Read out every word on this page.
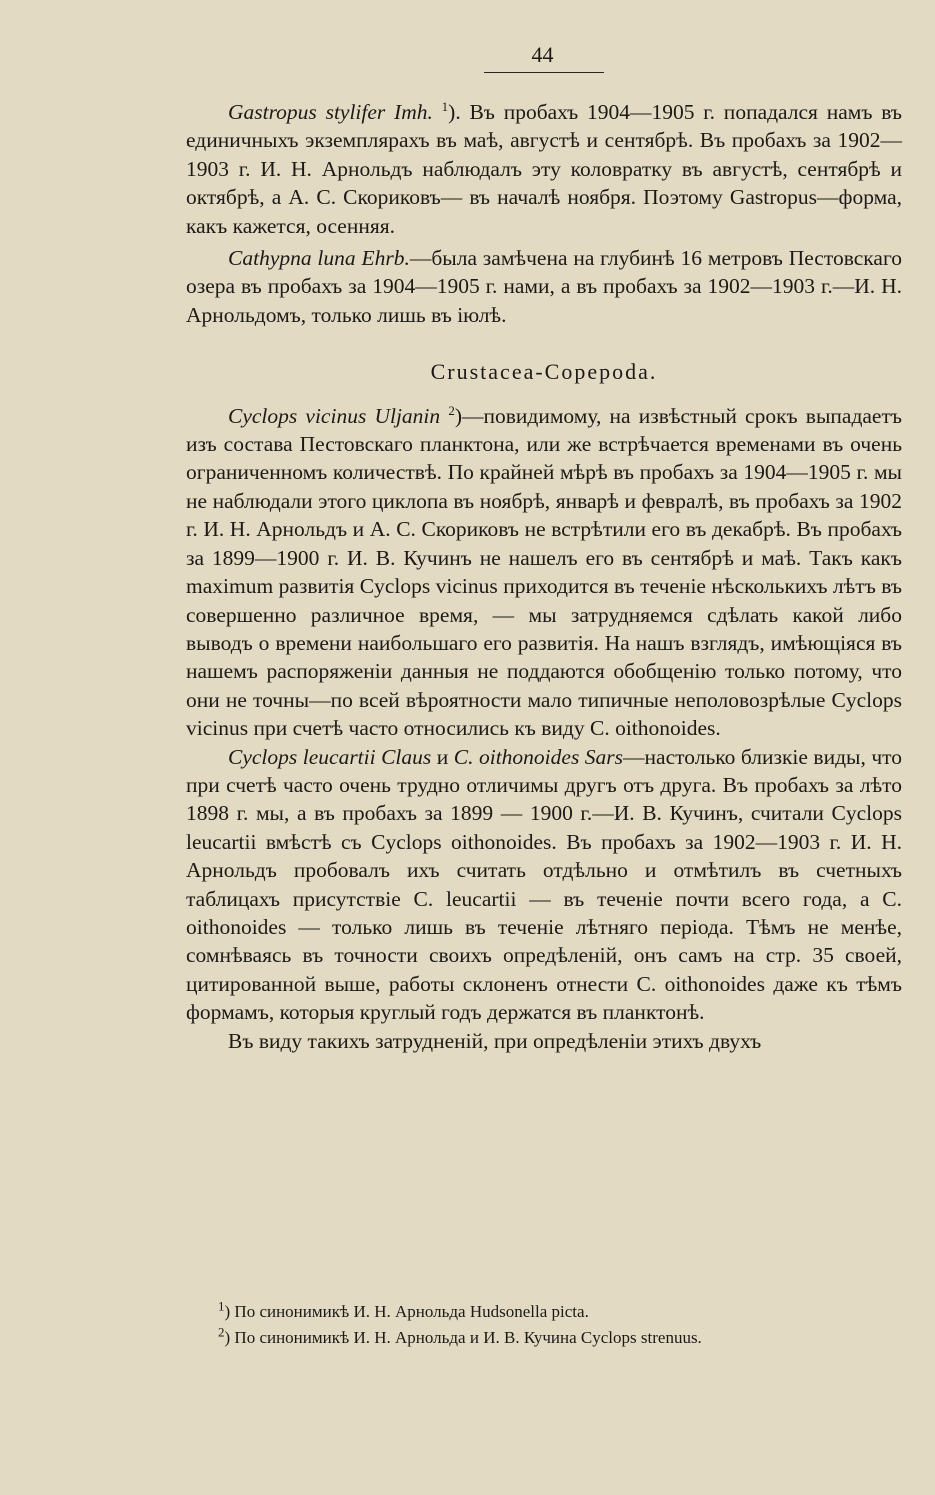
44

Gastropus stylifer Imh. $^1$). Въ пробахъ 1904—1905 г. попадался намъ въ единичныхъ экземплярахъ въ маѣ, августѣ и сентябрѣ. Въ пробахъ за 1902—1903 г. И. Н. Арнольдъ наблюдалъ эту коловратку въ августѣ, сентябрѣ и октябрѣ, а А. С. Скориковъ— въ началѣ ноября. Поэтому Gastropus—форма, какъ кажется, осенняя.

Cathypna luna Ehrb.—была замѣчена на глубинѣ 16 метровъ Пестовскаго озера въ пробахъ за 1904—1905 г. нами, а въ пробахъ за 1902—1903 г.—И. Н. Арнольдомъ, только лишь въ іюлѣ.

Crustacea-Copepoda.

Cyclops vicinus Uljanin $^2$)—повидимому, на извѣстный срокъ выпадаетъ изъ состава Пестовскаго планктона, или же встрѣчается временами въ очень ограниченномъ количествѣ. По крайней мѣрѣ въ пробахъ за 1904—1905 г. мы не наблюдали этого циклопа въ ноябрѣ, январѣ и февралѣ, въ пробахъ за 1902 г. И. Н. Арнольдъ и А. С. Скориковъ не встрѣтили его въ декабрѣ. Въ пробахъ за 1899—1900 г. И. В. Кучинъ не нашелъ его въ сентябрѣ и маѣ. Такъ какъ maximum развитія Cyclops vicinus приходится въ теченіе нѣсколькихъ лѣтъ въ совершенно различное время, — мы затрудняемся сдѣлать какой либо выводъ о времени наибольшаго его развитія. На нашъ взглядъ, имѣющіяся въ нашемъ распоряженіи данныя не поддаются обобщенію только потому, что они не точны—по всей вѣроятности мало типичные неполовозрѣлые Cyclops vicinus при счетѣ часто относились къ виду C. oithonoides.

Cyclops leucartii Claus и C. oithonoides Sars—настолько близкіе виды, что при счетѣ часто очень трудно отличимы другъ отъ друга. Въ пробахъ за лѣто 1898 г. мы, а въ пробахъ за 1899 — 1900 г.—И. В. Кучинъ, считали Cyclops leucartii вмѣстѣ съ Cyclops oithonoides. Въ пробахъ за 1902—1903 г. И. Н. Арнольдъ пробовалъ ихъ считать отдѣльно и отмѣтилъ въ счетныхъ таблицахъ присутствіе C. leucartii — въ теченіе почти всего года, а C. oithonoides — только лишь въ теченіе лѣтняго періода. Тѣмъ не менѣе, сомнѣваясь въ точности своихъ опредѣленій, онъ самъ на стр. 35 своей, цитированной выше, работы склоненъ отнести C. oithonoides даже къ тѣмъ формамъ, которыя круглый годъ держатся въ планктонѣ.

Въ виду такихъ затрудненій, при опредѣленіи этихъ двухъ

$^1$) По синонимикѣ И. Н. Арнольда Hudsonella picta.

$^2$) По синонимикѣ И. Н. Арнольда и И. В. Кучина Cyclops strenuus.
